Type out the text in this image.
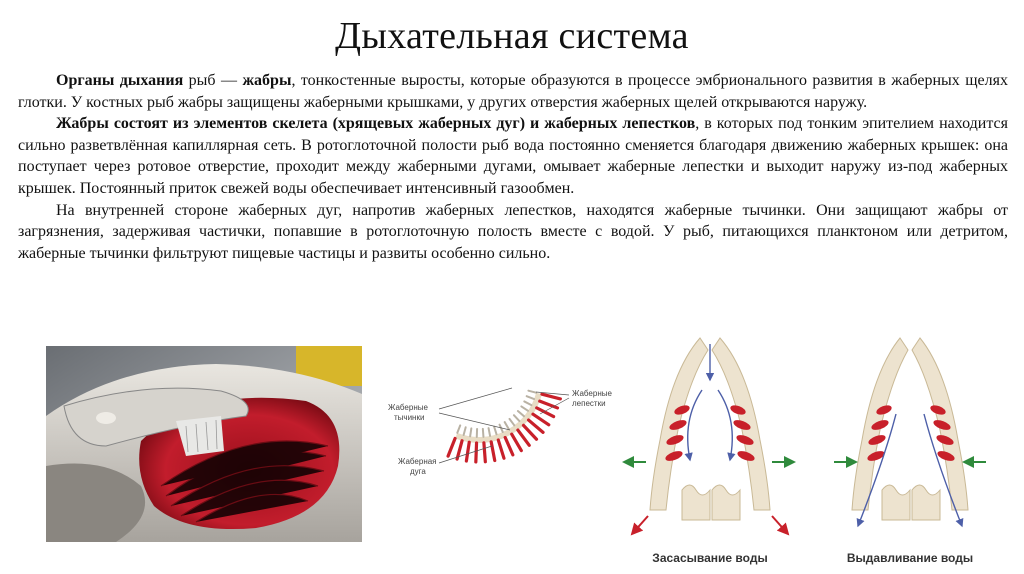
Дыхательная система

Органы дыхания рыб — жабры, тонкостенные выросты, которые образуются в процессе эмбрионального развития в жаберных щелях глотки. У костных рыб жабры защищены жаберными крышками, у других отверстия жаберных щелей открываются наружу.

Жабры состоят из элементов скелета (хрящевых жаберных дуг) и жаберных лепестков, в которых под тонким эпителием находится сильно разветвлённая капиллярная сеть. В ротоглоточной полости рыб вода постоянно сменяется благодаря движению жаберных крышек: она поступает через ротовое отверстие, проходит между жаберными дугами, омывает жаберные лепестки и выходит наружу из-под жаберных крышек. Постоянный приток свежей воды обеспечивает интенсивный газообмен.

На внутренней стороне жаберных дуг, напротив жаберных лепестков, находятся жаберные тычинки. Они защищают жабры от загрязнения, задерживая частички, попавшие в ротоглоточную полость вместе с водой. У рыб, питающихся планктоном или детритом, жаберные тычинки фильтруют пищевые частицы и развиты особенно сильно.

Жаберные
тычинки
Жаберная
дуга
Жаберные
лепестки
Засасывание воды	Выдавливание воды
